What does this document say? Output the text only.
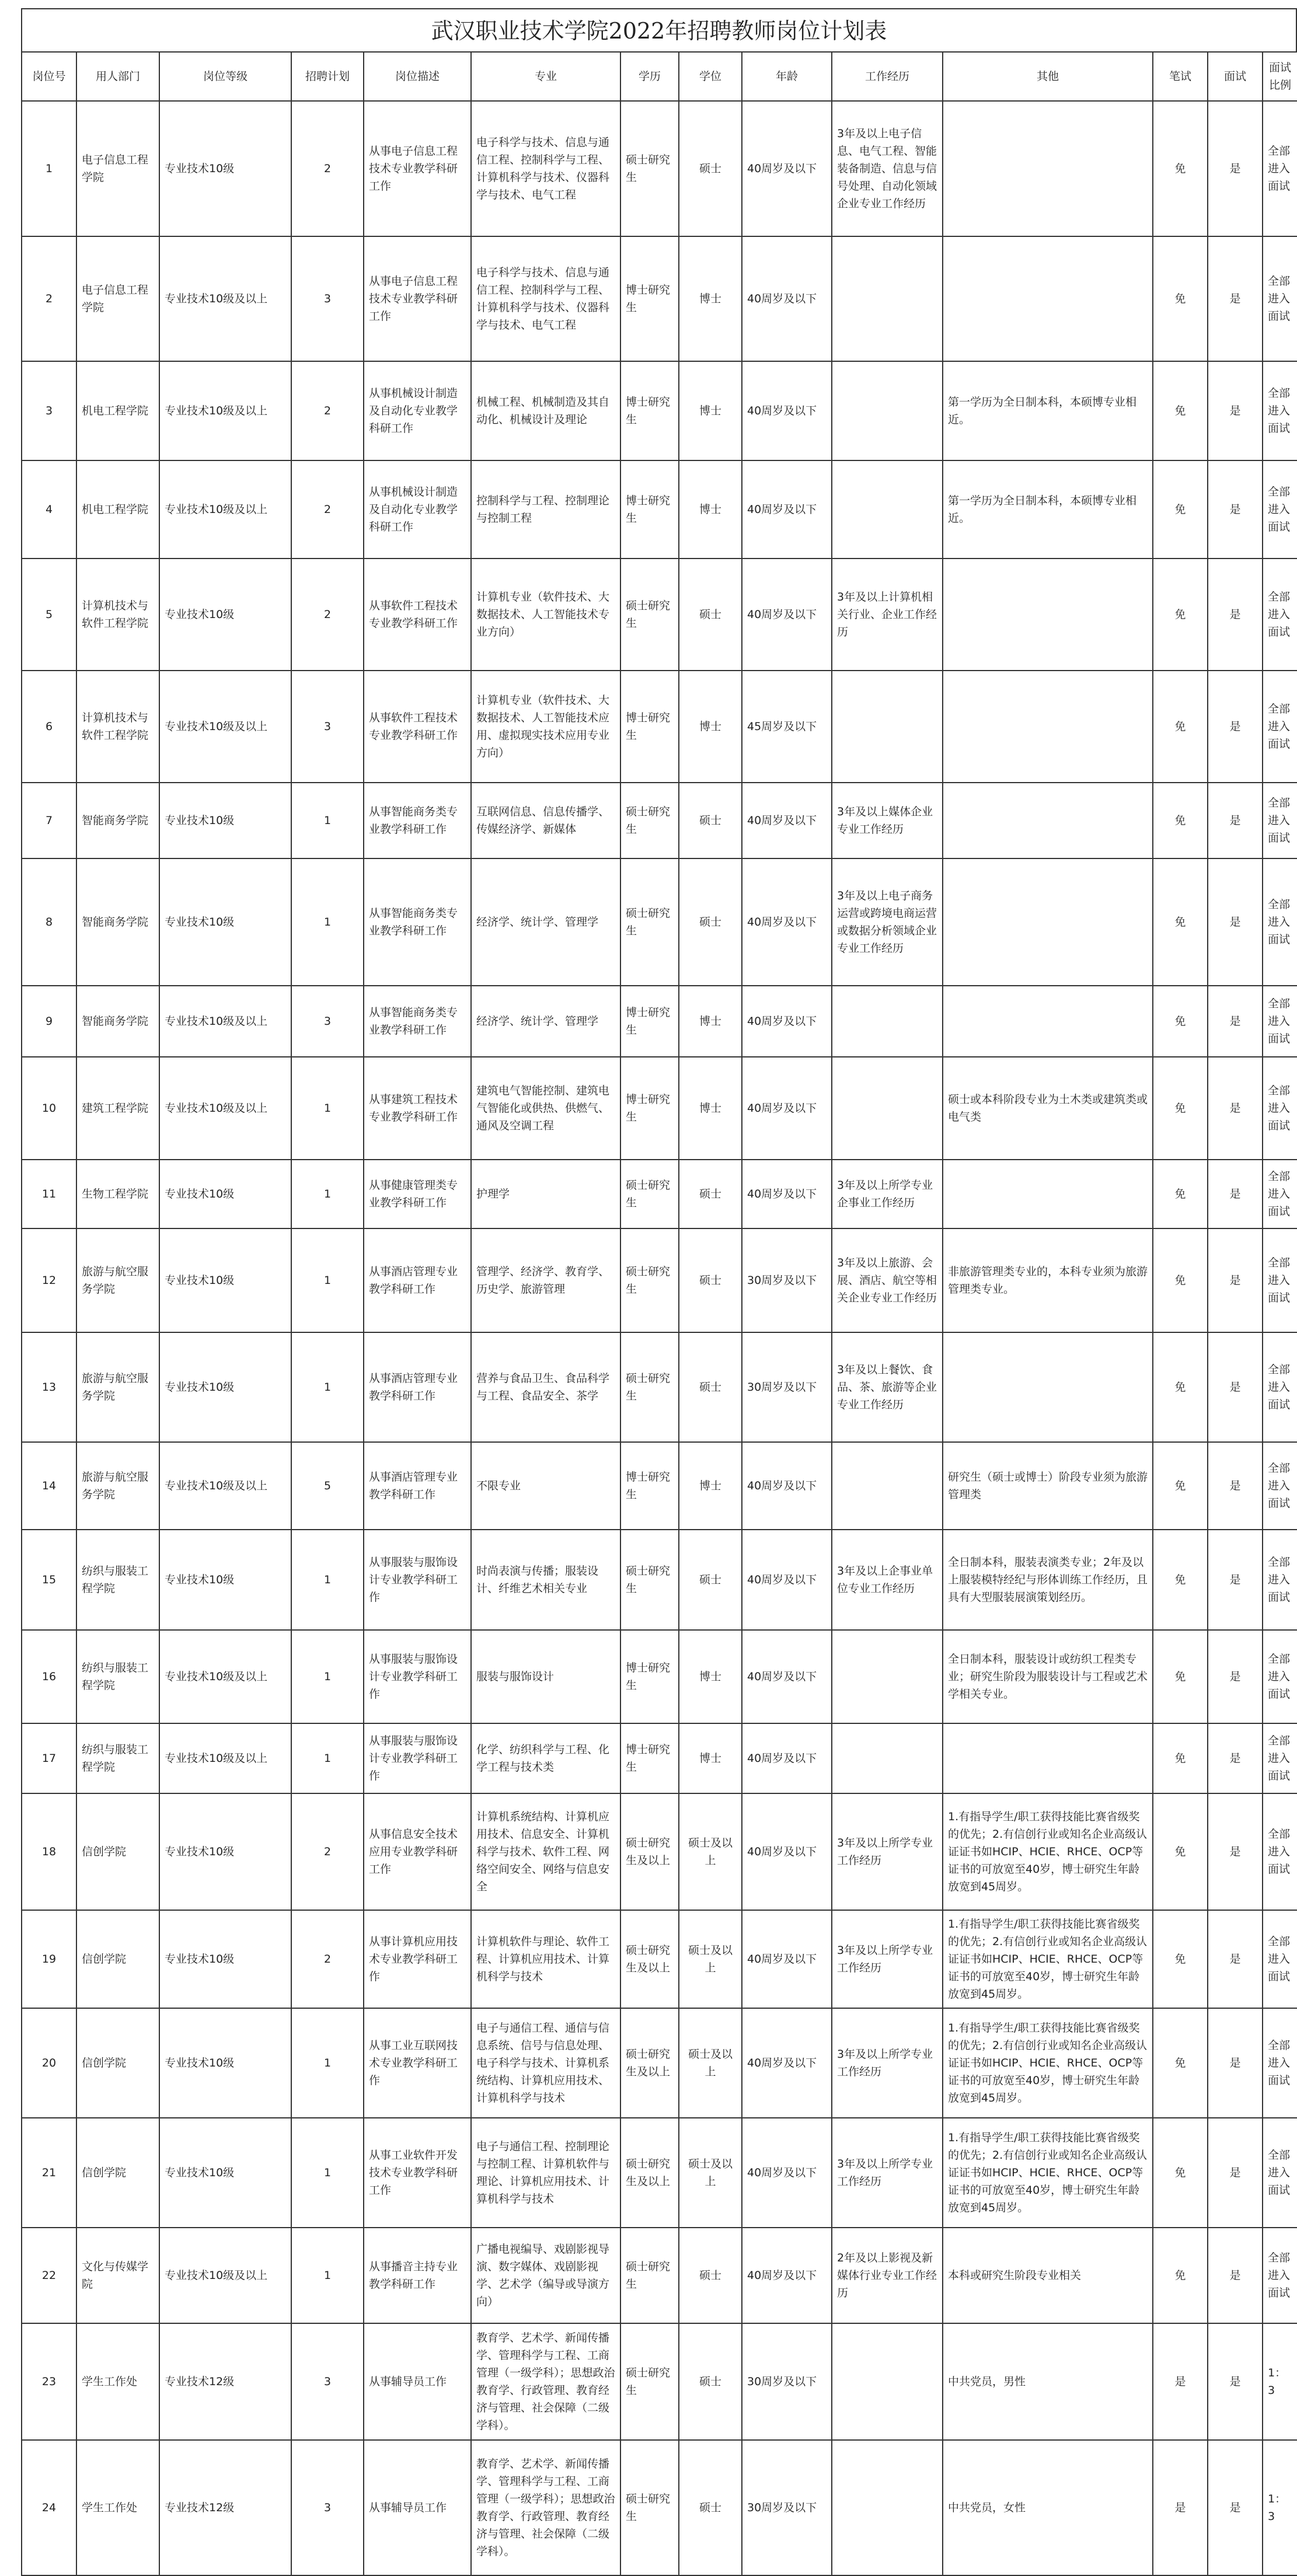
武汉职业技术学院2022年招聘教师岗位计划表
岗位号	用人部门	岗位等级	招聘计划	岗位描述	专业	学历	学位	年龄	工作经历	其他	笔试	面试	面试比例
1	电子信息工程学院	专业技术10级	2	从事电子信息工程技术专业教学科研工作	电子科学与技术、信息与通信工程、控制科学与工程、计算机科学与技术、仪器科学与技术、电气工程	硕士研究生	硕士	40周岁及以下	3年及以上电子信息、电气工程、智能装备制造、信息与信号处理、自动化领域企业专业工作经历		免	是	全部进入面试
2	电子信息工程学院	专业技术10级及以上	3	从事电子信息工程技术专业教学科研工作	电子科学与技术、信息与通信工程、控制科学与工程、计算机科学与技术、仪器科学与技术、电气工程	博士研究生	博士	40周岁及以下			免	是	全部进入面试
3	机电工程学院	专业技术10级及以上	2	从事机械设计制造及自动化专业教学科研工作	机械工程、机械制造及其自动化、机械设计及理论	博士研究生	博士	40周岁及以下		第一学历为全日制本科，本硕博专业相近。	免	是	全部进入面试
4	机电工程学院	专业技术10级及以上	2	从事机械设计制造及自动化专业教学科研工作	控制科学与工程、控制理论与控制工程	博士研究生	博士	40周岁及以下		第一学历为全日制本科，本硕博专业相近。	免	是	全部进入面试
5	计算机技术与软件工程学院	专业技术10级	2	从事软件工程技术专业教学科研工作	计算机专业（软件技术、大数据技术、人工智能技术专业方向）	硕士研究生	硕士	40周岁及以下	3年及以上计算机相关行业、企业工作经历		免	是	全部进入面试
6	计算机技术与软件工程学院	专业技术10级及以上	3	从事软件工程技术专业教学科研工作	计算机专业（软件技术、大数据技术、人工智能技术应用、虚拟现实技术应用专业方向）	博士研究生	博士	45周岁及以下			免	是	全部进入面试
7	智能商务学院	专业技术10级	1	从事智能商务类专业教学科研工作	互联网信息、信息传播学、传媒经济学、新媒体	硕士研究生	硕士	40周岁及以下	3年及以上媒体企业专业工作经历		免	是	全部进入面试
8	智能商务学院	专业技术10级	1	从事智能商务类专业教学科研工作	经济学、统计学、管理学	硕士研究生	硕士	40周岁及以下	3年及以上电子商务运营或跨境电商运营或数据分析领域企业专业工作经历		免	是	全部进入面试
9	智能商务学院	专业技术10级及以上	3	从事智能商务类专业教学科研工作	经济学、统计学、管理学	博士研究生	博士	40周岁及以下			免	是	全部进入面试
10	建筑工程学院	专业技术10级及以上	1	从事建筑工程技术专业教学科研工作	建筑电气智能控制、建筑电气智能化或供热、供燃气、通风及空调工程	博士研究生	博士	40周岁及以下		硕士或本科阶段专业为土木类或建筑类或电气类	免	是	全部进入面试
11	生物工程学院	专业技术10级	1	从事健康管理类专业教学科研工作	护理学	硕士研究生	硕士	40周岁及以下	3年及以上所学专业企事业工作经历		免	是	全部进入面试
12	旅游与航空服务学院	专业技术10级	1	从事酒店管理专业教学科研工作	管理学、经济学、教育学、历史学、旅游管理	硕士研究生	硕士	30周岁及以下	3年及以上旅游、会展、酒店、航空等相关企业专业工作经历	非旅游管理类专业的，本科专业须为旅游管理类专业。	免	是	全部进入面试
13	旅游与航空服务学院	专业技术10级	1	从事酒店管理专业教学科研工作	营养与食品卫生、食品科学与工程、食品安全、茶学	硕士研究生	硕士	30周岁及以下	3年及以上餐饮、食品、茶、旅游等企业专业工作经历		免	是	全部进入面试
14	旅游与航空服务学院	专业技术10级及以上	5	从事酒店管理专业教学科研工作	不限专业	博士研究生	博士	40周岁及以下		研究生（硕士或博士）阶段专业须为旅游管理类	免	是	全部进入面试
15	纺织与服装工程学院	专业技术10级	1	从事服装与服饰设计专业教学科研工作	时尚表演与传播；服装设计、纤维艺术相关专业	硕士研究生	硕士	40周岁及以下	3年及以上企事业单位专业工作经历	全日制本科，服装表演类专业；2年及以上服装模特经纪与形体训练工作经历，且具有大型服装展演策划经历。	免	是	全部进入面试
16	纺织与服装工程学院	专业技术10级及以上	1	从事服装与服饰设计专业教学科研工作	服装与服饰设计	博士研究生	博士	40周岁及以下		全日制本科，服装设计或纺织工程类专业；研究生阶段为服装设计与工程或艺术学相关专业。	免	是	全部进入面试
17	纺织与服装工程学院	专业技术10级及以上	1	从事服装与服饰设计专业教学科研工作	化学、纺织科学与工程、化学工程与技术类	博士研究生	博士	40周岁及以下			免	是	全部进入面试
18	信创学院	专业技术10级	2	从事信息安全技术应用专业教学科研工作	计算机系统结构、计算机应用技术、信息安全、计算机科学与技术、软件工程、网络空间安全、网络与信息安全	硕士研究生及以上	硕士及以上	40周岁及以下	3年及以上所学专业工作经历	1.有指导学生/职工获得技能比赛省级奖的优先；2.有信创行业或知名企业高级认证证书如HCIP、HCIE、RHCE、OCP等证书的可放宽至40岁，博士研究生年龄放宽到45周岁。	免	是	全部进入面试
19	信创学院	专业技术10级	2	从事计算机应用技术专业教学科研工作	计算机软件与理论、软件工程、计算机应用技术、计算机科学与技术	硕士研究生及以上	硕士及以上	40周岁及以下	3年及以上所学专业工作经历	1.有指导学生/职工获得技能比赛省级奖的优先；2.有信创行业或知名企业高级认证证书如HCIP、HCIE、RHCE、OCP等证书的可放宽至40岁，博士研究生年龄放宽到45周岁。	免	是	全部进入面试
20	信创学院	专业技术10级	1	从事工业互联网技术专业教学科研工作	电子与通信工程、通信与信息系统、信号与信息处理、电子科学与技术、计算机系统结构、计算机应用技术、计算机科学与技术	硕士研究生及以上	硕士及以上	40周岁及以下	3年及以上所学专业工作经历	1.有指导学生/职工获得技能比赛省级奖的优先；2.有信创行业或知名企业高级认证证书如HCIP、HCIE、RHCE、OCP等证书的可放宽至40岁，博士研究生年龄放宽到45周岁。	免	是	全部进入面试
21	信创学院	专业技术10级	1	从事工业软件开发技术专业教学科研工作	电子与通信工程、控制理论与控制工程、计算机软件与理论、计算机应用技术、计算机科学与技术	硕士研究生及以上	硕士及以上	40周岁及以下	3年及以上所学专业工作经历	1.有指导学生/职工获得技能比赛省级奖的优先；2.有信创行业或知名企业高级认证证书如HCIP、HCIE、RHCE、OCP等证书的可放宽至40岁，博士研究生年龄放宽到45周岁。	免	是	全部进入面试
22	文化与传媒学院	专业技术10级及以上	1	从事播音主持专业教学科研工作	广播电视编导、戏剧影视导演、数字媒体、戏剧影视学、艺术学（编导或导演方向）	硕士研究生	硕士	40周岁及以下	2年及以上影视及新媒体行业专业工作经历	本科或研究生阶段专业相关	免	是	全部进入面试
23	学生工作处	专业技术12级	3	从事辅导员工作	教育学、艺术学、新闻传播学、管理科学与工程、工商管理（一级学科）；思想政治教育学、行政管理、教育经济与管理、社会保障（二级学科）。	硕士研究生	硕士	30周岁及以下		中共党员，男性	是	是	1：3
24	学生工作处	专业技术12级	3	从事辅导员工作	教育学、艺术学、新闻传播学、管理科学与工程、工商管理（一级学科）；思想政治教育学、行政管理、教育经济与管理、社会保障（二级学科）。	硕士研究生	硕士	30周岁及以下		中共党员，女性	是	是	1：3
